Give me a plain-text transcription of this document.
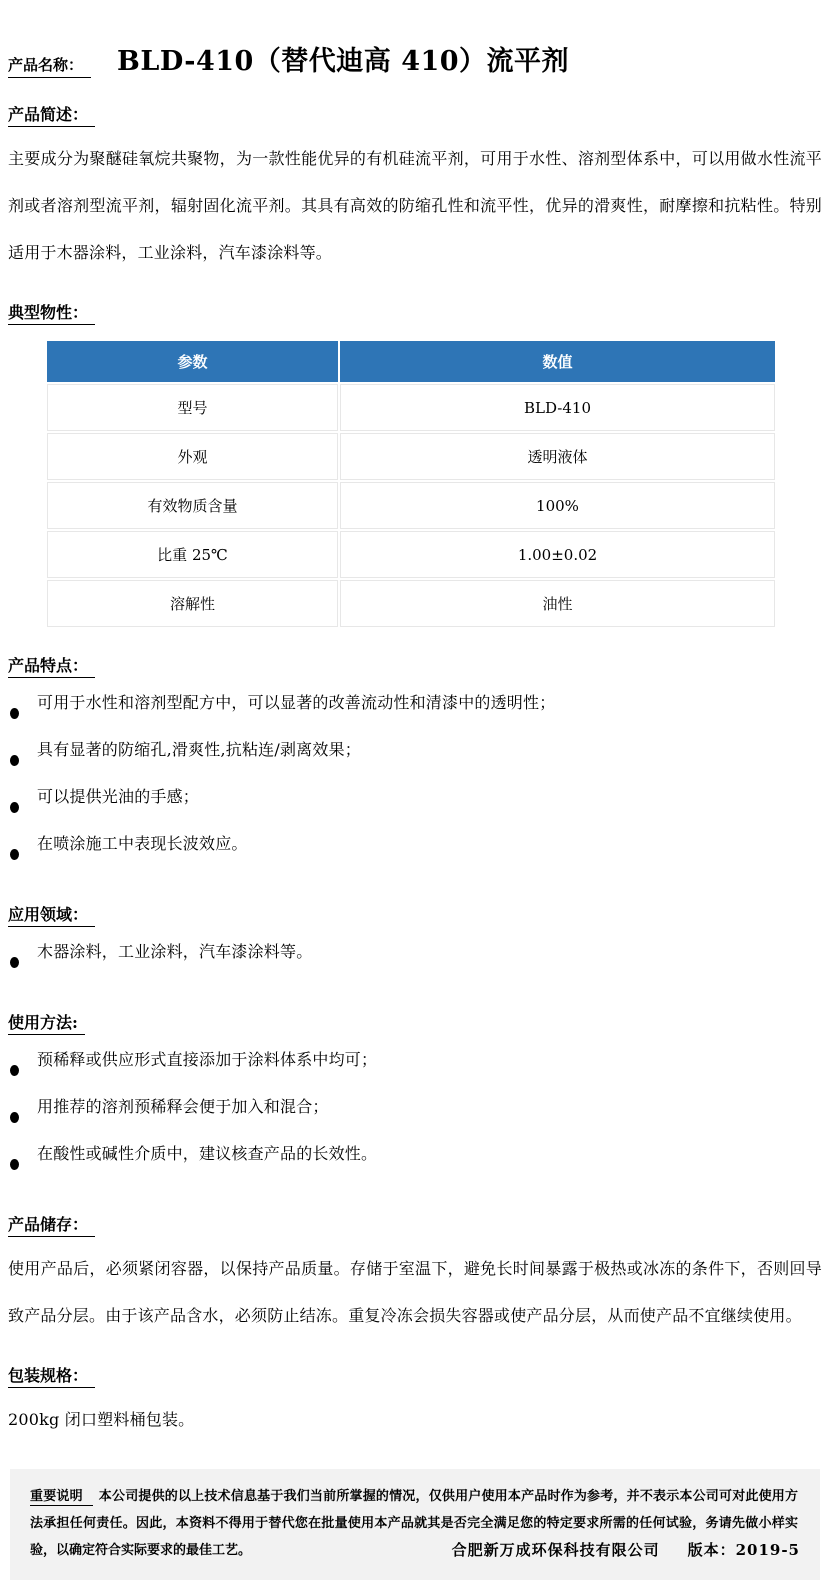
产品名称： BLD-410（替代迪高 410）流平剂
产品简述：

主要成分为聚醚硅氧烷共聚物，为一款性能优异的有机硅流平剂，可用于水性、溶剂型体系中，可以用做水性流平剂或者溶剂型流平剂，辐射固化流平剂。其具有高效的防缩孔性和流平性，优异的滑爽性，耐摩擦和抗粘性。特别适用于木器涂料，工业涂料，汽车漆涂料等。

典型物性：
参数	数值
型号	BLD-410
外观	透明液体
有效物质含量	100%
比重 25℃	1.00±0.02
溶解性	油性
产品特点：
可用于水性和溶剂型配方中，可以显著的改善流动性和清漆中的透明性；
具有显著的防缩孔,滑爽性,抗粘连/剥离效果；
可以提供光油的手感；
在喷涂施工中表现长波效应。
应用领域：
木器涂料，工业涂料，汽车漆涂料等。
使用方法:
预稀释或供应形式直接添加于涂料体系中均可；
用推荐的溶剂预稀释会便于加入和混合；
在酸性或碱性介质中，建议核查产品的长效性。
产品储存：

使用产品后，必须紧闭容器，以保持产品质量。存储于室温下，避免长时间暴露于极热或冰冻的条件下，否则回导致产品分层。由于该产品含水，必须防止结冻。重复冷冻会损失容器或使产品分层，从而使产品不宜继续使用。

包装规格：

200kg 闭口塑料桶包装。

重要说明 本公司提供的以上技术信息基于我们当前所掌握的情况，仅供用户使用本产品时作为参考，并不表示本公司可对此使用方法承担任何责任。因此，本资料不得用于替代您在批量使用本产品就其是否完全满足您的特定要求所需的任何试验，务请先做小样实验，以确定符合实际要求的最佳工艺。	合肥新万成环保科技有限公司 版本：2019-5
